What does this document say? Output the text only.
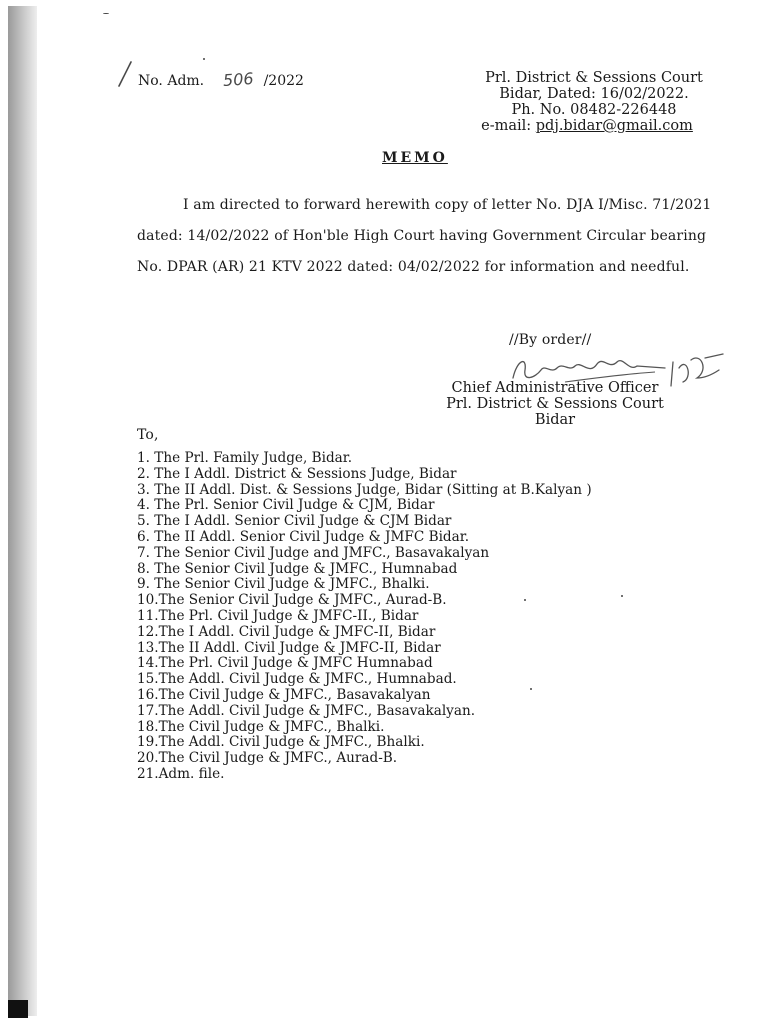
No. Adm. 506 /2022	Prl. District & Sessions Court
Bidar, Dated: 16/02/2022.
Ph. No. 08482-226448
e-mail: pdj.bidar@gmail.com
MEMO
I am directed to forward herewith copy of letter No. DJA I/Misc. 71/2021
dated: 14/02/2022 of Hon'ble High Court having Government Circular bearing
No. DPAR (AR) 21 KTV 2022 dated: 04/02/2022 for information and needful.
//By order//
Chief Administrative Officer
Prl. District & Sessions Court
Bidar
To,
1. The Prl. Family Judge, Bidar.
2. The I Addl. District & Sessions Judge, Bidar
3. The II Addl. Dist. & Sessions Judge, Bidar (Sitting at B.Kalyan )
4. The Prl. Senior Civil Judge & CJM, Bidar
5. The I Addl. Senior Civil Judge & CJM Bidar
6. The II Addl. Senior Civil Judge & JMFC Bidar.
7. The Senior Civil Judge and JMFC., Basavakalyan
8. The Senior Civil Judge & JMFC., Humnabad
9. The Senior Civil Judge & JMFC., Bhalki.
10.The Senior Civil Judge & JMFC., Aurad-B.
11.The Prl. Civil Judge & JMFC-II., Bidar
12.The I Addl. Civil Judge & JMFC-II, Bidar
13.The II Addl. Civil Judge & JMFC-II, Bidar
14.The Prl. Civil Judge & JMFC Humnabad
15.The Addl. Civil Judge & JMFC., Humnabad.
16.The Civil Judge & JMFC., Basavakalyan
17.The Addl. Civil Judge & JMFC., Basavakalyan.
18.The Civil Judge & JMFC., Bhalki.
19.The Addl. Civil Judge & JMFC., Bhalki.
20.The Civil Judge & JMFC., Aurad-B.
21.Adm. file.
